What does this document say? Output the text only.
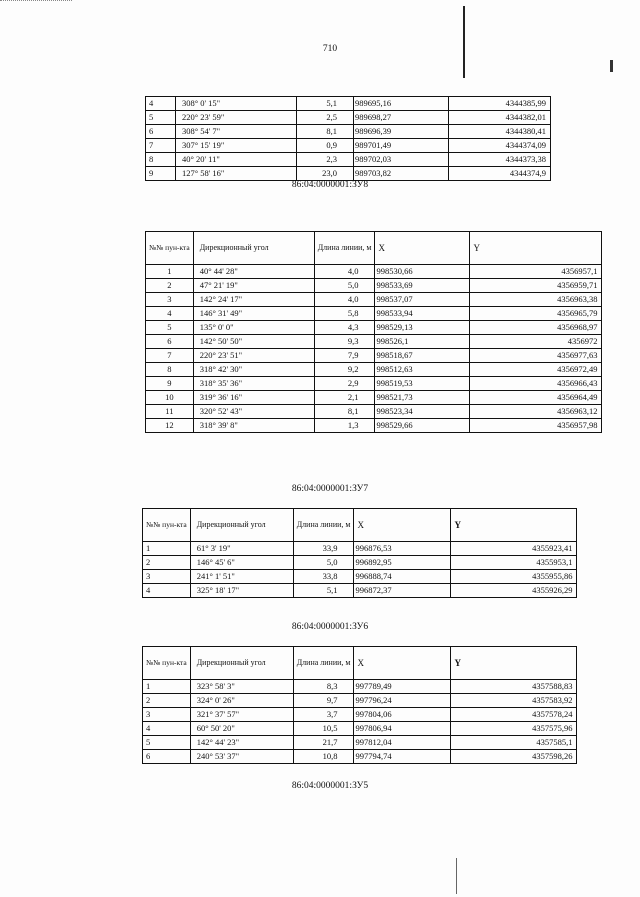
710
4	308° 0' 15"	5,1	989695,16	4344385,99
5	220° 23' 59"	2,5	989698,27	4344382,01
6	308° 54' 7"	8,1	989696,39	4344380,41
7	307° 15' 19"	0,9	989701,49	4344374,09
8	40° 20' 11"	2,3	989702,03	4344373,38
9	127° 58' 16"	23,0	989703,82	4344374,9
86:04:0000001:ЗУ8
№№ пун-кта	Дирекционный угол	Длина линии, м	X	Y
1	40° 44' 28"	4,0	998530,66	4356957,1
2	47° 21' 19"	5,0	998533,69	4356959,71
3	142° 24' 17"	4,0	998537,07	4356963,38
4	146° 31' 49"	5,8	998533,94	4356965,79
5	135° 0' 0"	4,3	998529,13	4356968,97
6	142° 50' 50"	9,3	998526,1	4356972
7	220° 23' 51"	7,9	998518,67	4356977,63
8	318° 42' 30"	9,2	998512,63	4356972,49
9	318° 35' 36"	2,9	998519,53	4356966,43
10	319° 36' 16"	2,1	998521,73	4356964,49
11	320° 52' 43"	8,1	998523,34	4356963,12
12	318° 39' 8"	1,3	998529,66	4356957,98
86:04:0000001:ЗУ7
№№ пун-кта	Дирекционный угол	Длина линии, м	X	Y
1	61° 3' 19"	33,9	996876,53	4355923,41
2	146° 45' 6"	5,0	996892,95	4355953,1
3	241° 1' 51"	33,8	996888,74	4355955,86
4	325° 18' 17"	5,1	996872,37	4355926,29
86:04:0000001:ЗУ6
№№ пун-кта	Дирекционный угол	Длина линии, м	X	Y
1	323° 58' 3"	8,3	997789,49	4357588,83
2	324° 0' 26"	9,7	997796,24	4357583,92
3	321° 37' 57"	3,7	997804,06	4357578,24
4	60° 50' 20"	10,5	997806,94	4357575,96
5	142° 44' 23"	21,7	997812,04	4357585,1
6	240° 53' 37"	10,8	997794,74	4357598,26
86:04:0000001:ЗУ5
